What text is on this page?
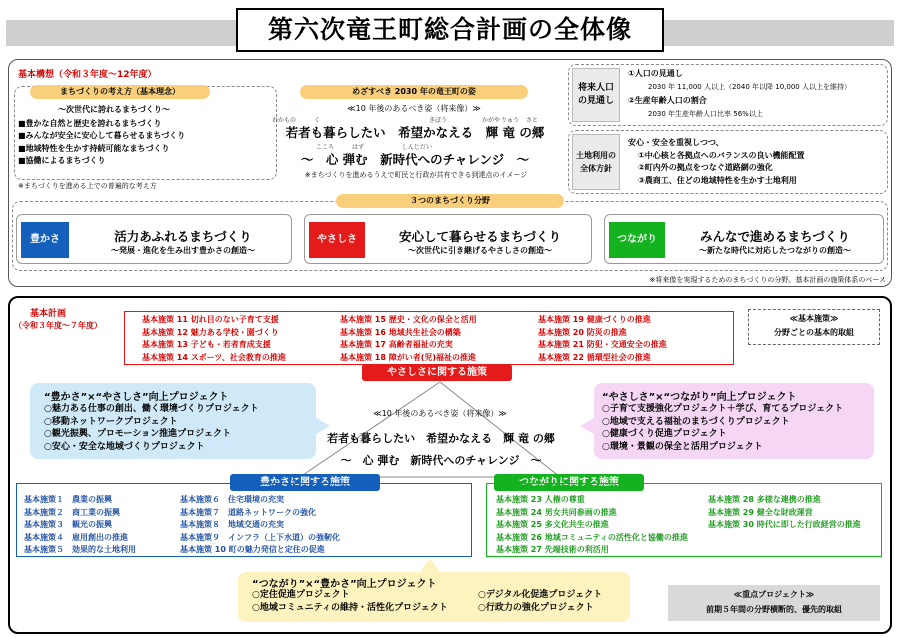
第六次竜王町総合計画の全体像
基本構想（令和３年度～12年度）
まちづくりの考え方（基本理念）
～次世代に誇れるまちづくり～
■豊かな自然と歴史を誇れるまちづくり
■みんなが安全に安心して暮らせるまちづくり
■地域特性を生かす持続可能なまちづくり
■協働によるまちづくり
※まちづくりを進める上での普遍的な考え方
めざすべき 2030 年の竜王町の姿
≪10 年後のあるべき姿（将来像）≫
わかもの	く	きぼう	かがや りゅう さと
若者も暮らしたい　希望かなえる　輝 竜 の郷
こころ	はず	しんじだい
～　心 弾む　新時代へのチャレンジ　～
※まちづくりを進めるうえで町民と行政が共有できる到達点のイメージ
将来人口
の見通し
①人口の見通し
2030 年 11,000 人以上（2040 年以降 10,000 人以上を維持）
②生産年齢人口の割合
2030 年生産年齢人口比率 56%以上
土地利用の
全体方針
安心・安全を重視しつつ、
①中心核と各拠点へのバランスの良い機能配置
②町内外の拠点をつなぐ道路網の強化
③農商工、住どの地域特性を生かす土地利用
３つのまちづくり分野
豊かさ	活力あふれるまちづくり
～発展・進化を生み出す豊かさの創造～
やさしさ	安心して暮らせるまちづくり
～次世代に引き継げるやさしさの創造～
つながり	みんなで進めるまちづくり
～新たな時代に対応したつながりの創造～
※将来像を実現するためのまちづくりの分野。基本計画の施策体系のベース
基本計画
（令和３年度～７年度）
≪基本施策≫
分野ごとの基本的取組
基本施策 11 切れ目のない子育て支援
基本施策 12 魅力ある学校・園づくり
基本施策 13 子ども・若者育成支援
基本施策 14 スポーツ、社会教育の推進
基本施策 15 歴史・文化の保全と活用
基本施策 16 地域共生社会の構築
基本施策 17 高齢者福祉の充実
基本施策 18 障がい者(児)福祉の推進
基本施策 19 健康づくりの推進
基本施策 20 防災の推進
基本施策 21 防犯・交通安全の推進
基本施策 22 循環型社会の推進
やさしさに関する施策
“豊かさ”×“やさしさ”向上プロジェクト
○魅力ある仕事の創出、働く環境づくりプロジェクト
○移動ネットワークプロジェクト
○観光振興、プロモーション推進プロジェクト
○安心・安全な地域づくりプロジェクト
“やさしさ”×“つながり”向上プロジェクト
○子育て支援強化プロジェクト＋学び、育てるプロジェクト
○地域で支える福祉のまちづくりプロジェクト
○健康づくり促進プロジェクト
○環境・景観の保全と活用プロジェクト
≪10 年後のあるべき姿（将来像）≫
若者も暮らしたい　希望かなえる　輝 竜 の郷
～　心 弾む　新時代へのチャレンジ　～
豊かさに関する施策	つながりに関する施策
基本施策１　農業の振興
基本施策２　商工業の振興
基本施策３　観光の振興
基本施策４　雇用創出の推進
基本施策５　効果的な土地利用
基本施策６　住宅環境の充実
基本施策７　道路ネットワークの強化
基本施策８　地域交通の充実
基本施策９　インフラ（上下水道）の強靭化
基本施策 10 町の魅力発信と定住の促進
基本施策 23 人権の尊重
基本施策 24 男女共同参画の推進
基本施策 25 多文化共生の推進
基本施策 26 地域コミュニティの活性化と協働の推進
基本施策 27 先端技術の利活用
基本施策 28 多様な連携の推進
基本施策 29 健全な財政運営
基本施策 30 時代に即した行政経営の推進
“つながり”×“豊かさ”向上プロジェクト
○定住促進プロジェクト
○地域コミュニティの維持・活性化プロジェクト
○デジタル化促進プロジェクト
○行政力の強化プロジェクト
≪重点プロジェクト≫
前期５年間の分野横断的、優先的取組
